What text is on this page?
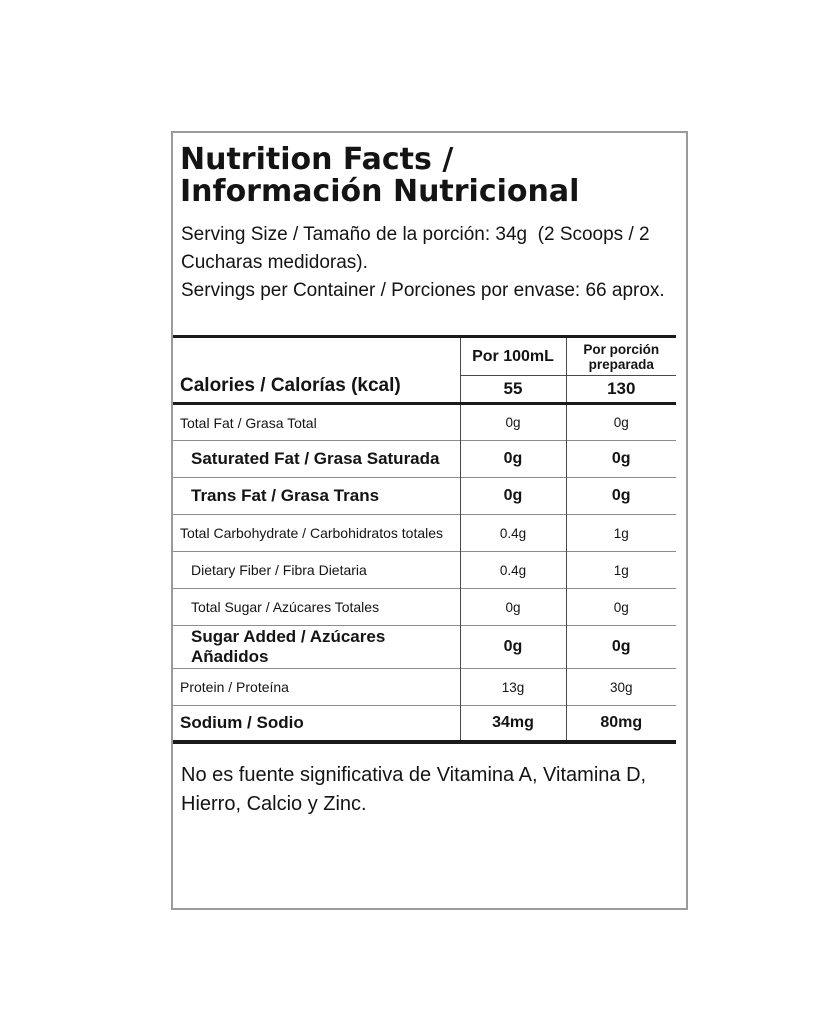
Nutrition Facts /
Información Nutricional

Serving Size / Tamaño de la porción: 34g  (2 Scoops / 2 Cucharas medidoras).

Servings per Container / Porciones por envase: 66 aprox.

Calories / Calorías (kcal)	Por 100mL	Por porción preparada
	55	130
Total Fat / Grasa Total	0g	0g
Saturated Fat / Grasa Saturada	0g	0g
Trans Fat / Grasa Trans	0g	0g
Total Carbohydrate / Carbohidratos totales	0.4g	1g
Dietary Fiber / Fibra Dietaria	0.4g	1g
Total Sugar / Azúcares Totales	0g	0g
Sugar Added / Azúcares Añadidos	0g	0g
Protein / Proteína	13g	30g
Sodium / Sodio	34mg	80mg

No es fuente significativa de Vitamina A, Vitamina D, Hierro, Calcio y Zinc.
